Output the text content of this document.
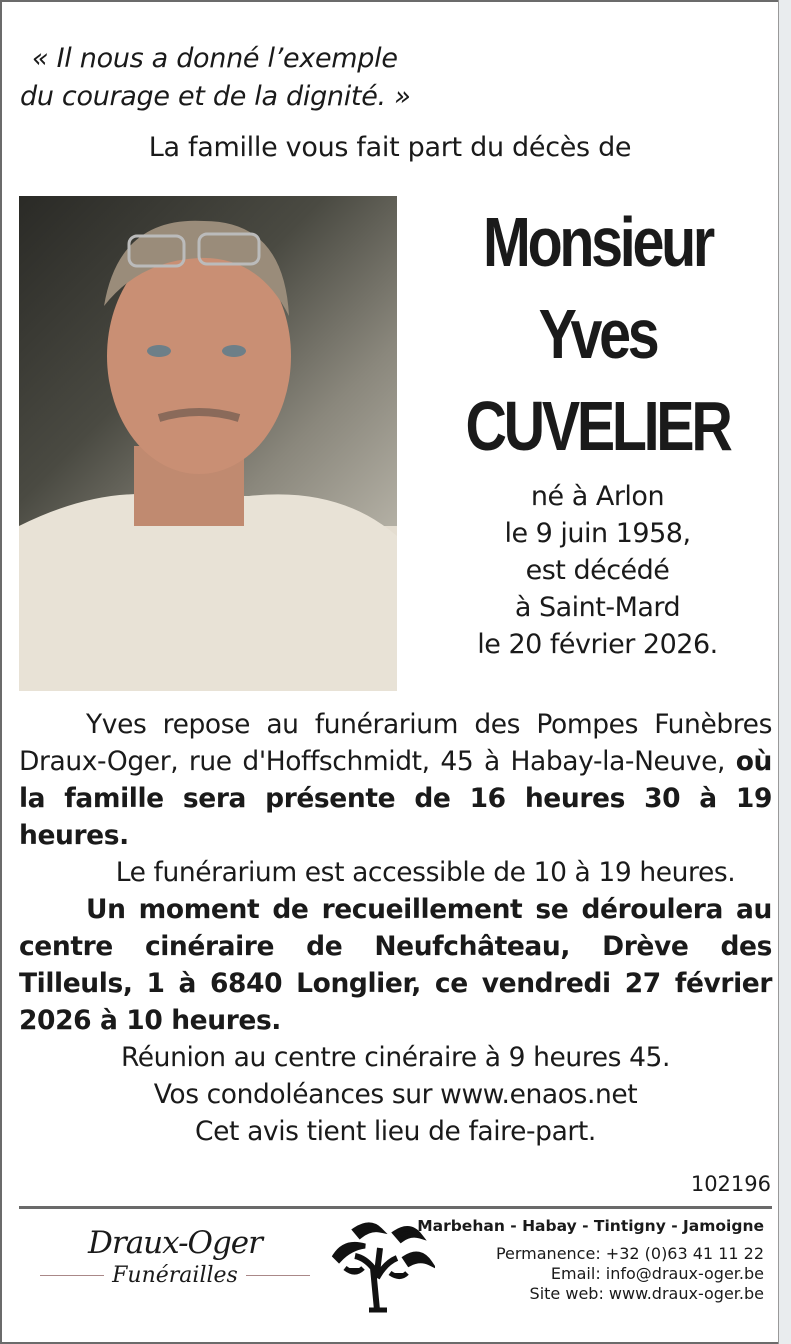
« Il nous a donné l’exemple
du courage et de la dignité. »
La famille vous fait part du décès de
Monsieur
Yves
CUVELIER
né à Arlon
le 9 juin 1958,
est décédé
à Saint-Mard
le 20 février 2026.

Yves repose au funérarium des Pompes Funèbres Draux-Oger, rue d'Hoffschmidt, 45 à Habay-la-Neuve, où la famille sera présente de 16 heures 30 à 19 heures.

Le funérarium est accessible de 10 à 19 heures.

Un moment de recueillement se déroulera au centre cinéraire de Neufchâteau, Drève des Tilleuls, 1 à 6840 Longlier, ce vendredi 27 février 2026 à 10 heures.

Réunion au centre cinéraire à 9 heures 45.

Vos condoléances sur www.enaos.net

Cet avis tient lieu de faire-part.

102196
Draux-Oger
Funérailles
Marbehan - Habay - Tintigny - Jamoigne
Permanence: +32 (0)63 41 11 22
Email: info@draux-oger.be
Site web: www.draux-oger.be
